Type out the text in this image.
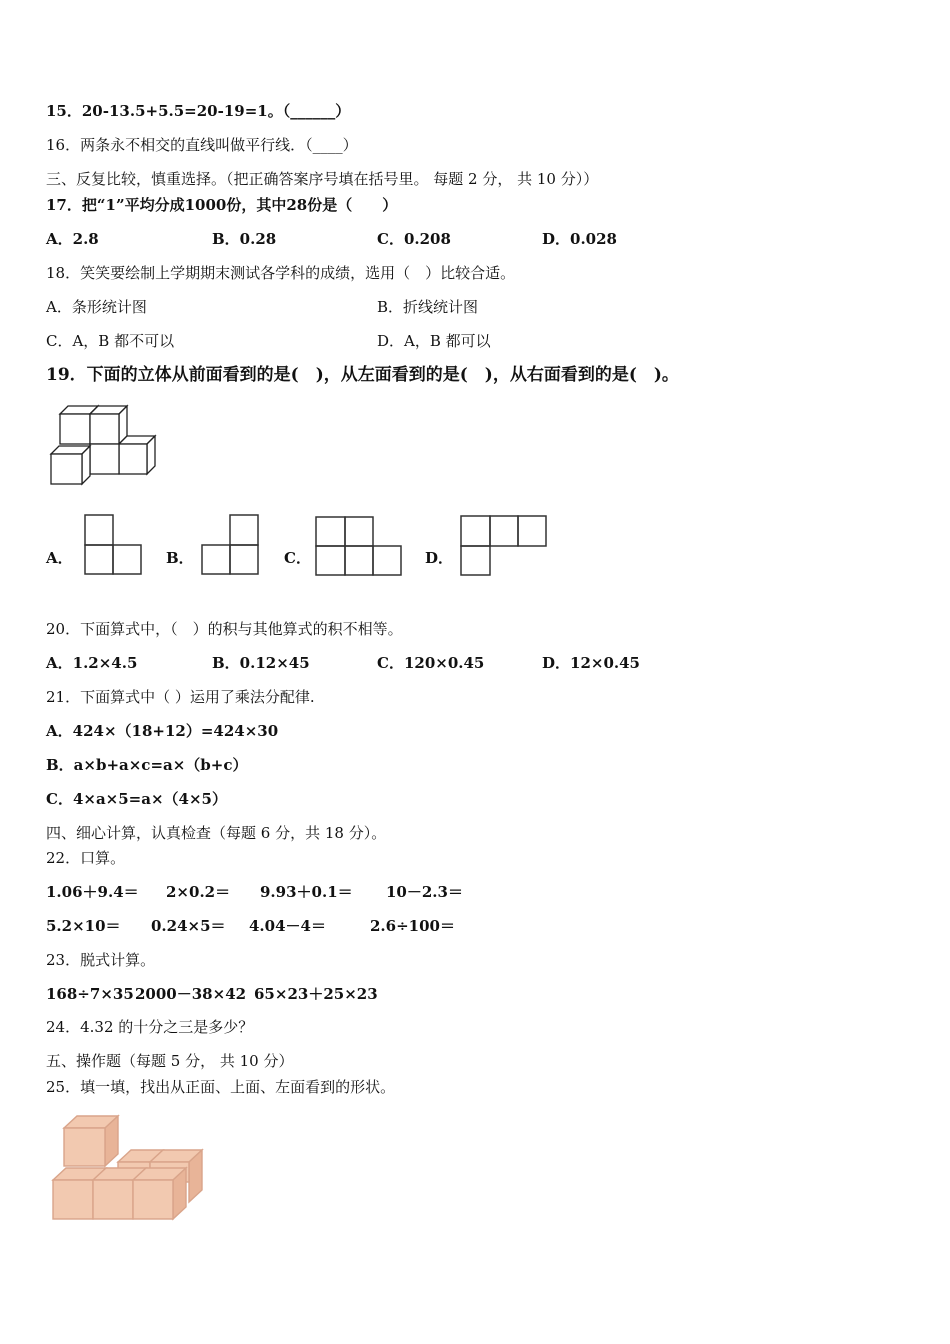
15．20-13.5+5.5=20-19=1。（______）
16．两条永不相交的直线叫做平行线．（____）
三、反复比较，慎重选择。（把正确答案序号填在括号里。 每题 2 分， 共 10 分））
17．把“1”平均分成1000份，其中28份是（　　）
A．2.8	B．0.28	C．0.208	D．0.028
18．笑笑要绘制上学期期末测试各学科的成绩，选用（　）比较合适。
A．条形统计图	B．折线统计图
C．A，B 都不可以	D．A，B 都可以
19．下面的立体从前面看到的是(　)，从左面看到的是(　)，从右面看到的是(　)。
A．	B．	C．	D．
20．下面算式中，（　）的积与其他算式的积不相等。
A．1.2×4.5	B．0.12×45	C．120×0.45	D．12×0.45
21．下面算式中（ ）运用了乘法分配律.
A．424×（18+12）=424×30
B．a×b+a×c=a×（b+c）
C．4×a×5=a×（4×5）
四、细心计算，认真检查（每题 6 分，共 18 分）。
22．口算。
1.06＋9.4＝ 2×0.2＝ 9.93＋0.1＝ 10－2.3＝
5.2×10＝ 0.24×5＝ 4.04－4＝	2.6÷100＝
23．脱式计算。
168÷7×35 2000－38×42 65×23＋25×23
24．4.32 的十分之三是多少？
五、操作题（每题 5 分， 共 10 分）
25．填一填，找出从正面、上面、左面看到的形状。
